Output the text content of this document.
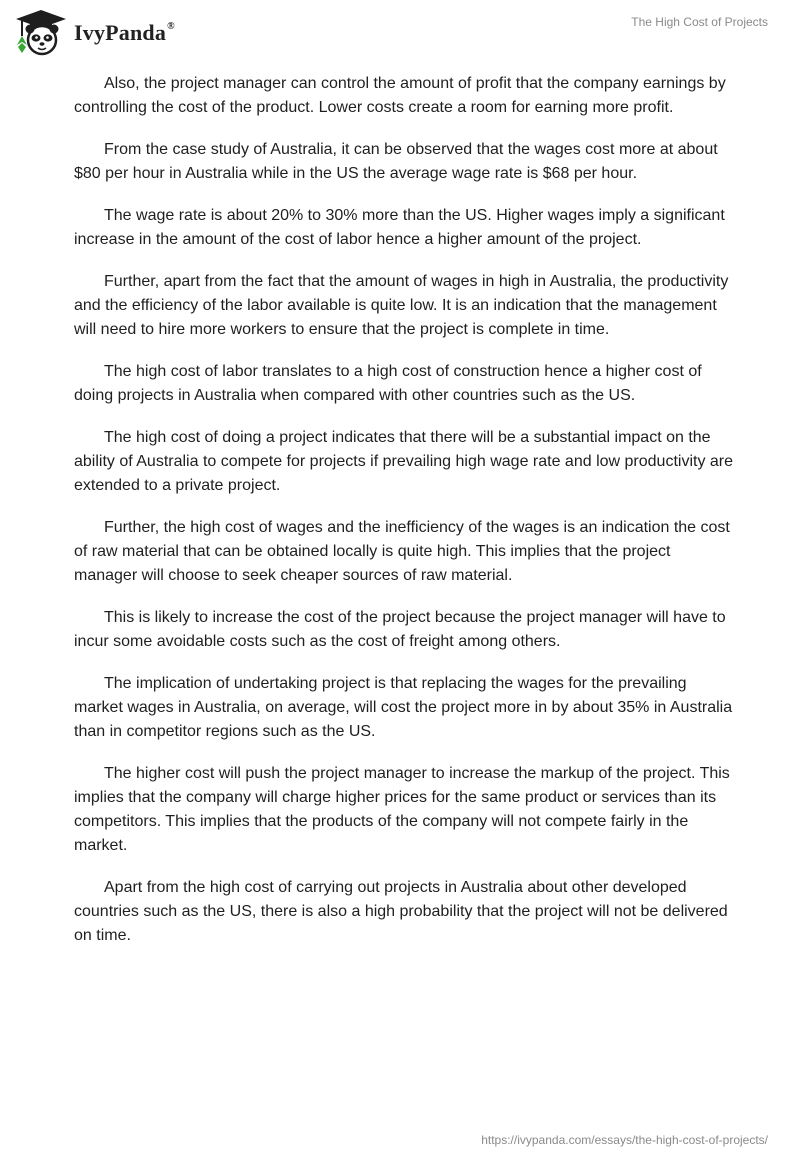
IvyPanda®	The High Cost of Projects

Also, the project manager can control the amount of profit that the company earnings by controlling the cost of the product. Lower costs create a room for earning more profit.

From the case study of Australia, it can be observed that the wages cost more at about $80 per hour in Australia while in the US the average wage rate is $68 per hour.

The wage rate is about 20% to 30% more than the US. Higher wages imply a significant increase in the amount of the cost of labor hence a higher amount of the project.

Further, apart from the fact that the amount of wages in high in Australia, the productivity and the efficiency of the labor available is quite low. It is an indication that the management will need to hire more workers to ensure that the project is complete in time.

The high cost of labor translates to a high cost of construction hence a higher cost of doing projects in Australia when compared with other countries such as the US.

The high cost of doing a project indicates that there will be a substantial impact on the ability of Australia to compete for projects if prevailing high wage rate and low productivity are extended to a private project.

Further, the high cost of wages and the inefficiency of the wages is an indication the cost of raw material that can be obtained locally is quite high. This implies that the project manager will choose to seek cheaper sources of raw material.

This is likely to increase the cost of the project because the project manager will have to incur some avoidable costs such as the cost of freight among others.

The implication of undertaking project is that replacing the wages for the prevailing market wages in Australia, on average, will cost the project more in by about 35% in Australia than in competitor regions such as the US.

The higher cost will push the project manager to increase the markup of the project. This implies that the company will charge higher prices for the same product or services than its competitors. This implies that the products of the company will not compete fairly in the market.

Apart from the high cost of carrying out projects in Australia about other developed countries such as the US, there is also a high probability that the project will not be delivered on time.

https://ivypanda.com/essays/the-high-cost-of-projects/
